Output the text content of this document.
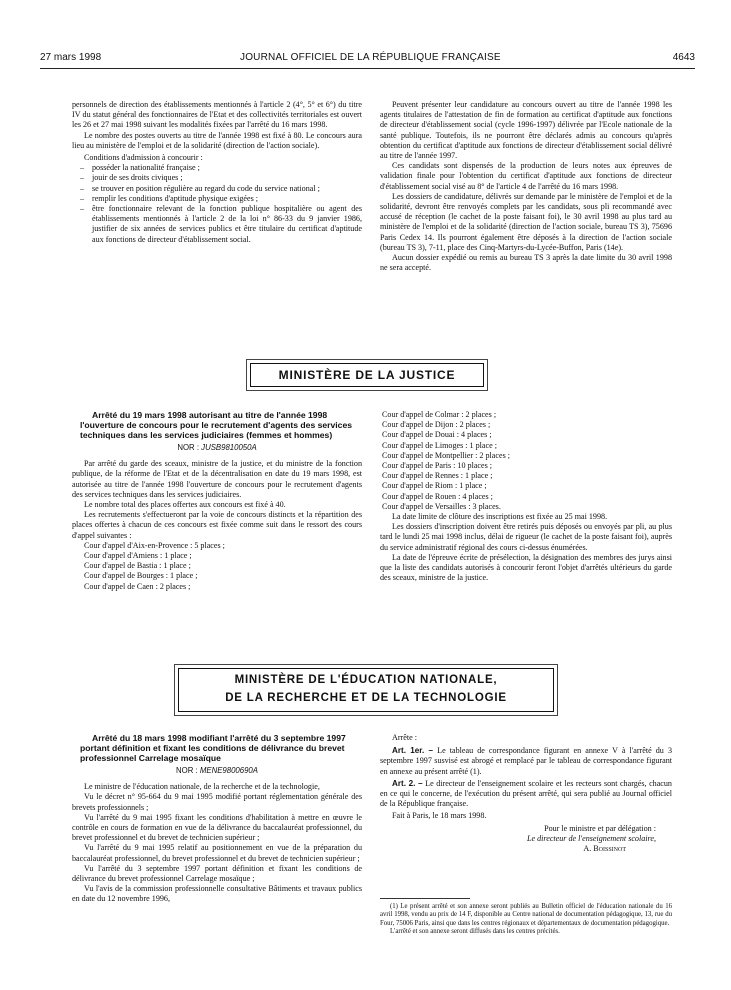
27 mars 1998	JOURNAL OFFICIEL DE LA RÉPUBLIQUE FRANÇAISE	4643

personnels de direction des établissements mentionnés à l'article 2 (4°, 5° et 6°) du titre IV du statut général des fonctionnaires de l'Etat et des collectivités territoriales est ouvert les 26 et 27 mai 1998 suivant les modalités fixées par l'arrêté du 16 mars 1998.

Le nombre des postes ouverts au titre de l'année 1998 est fixé à 80. Le concours aura lieu au ministère de l'emploi et de la solidarité (direction de l'action sociale).

Conditions d'admission à concourir :

– posséder la nationalité française ;
– jouir de ses droits civiques ;
– se trouver en position régulière au regard du code du service national ;
– remplir les conditions d'aptitude physique exigées ;
– être fonctionnaire relevant de la fonction publique hospitalière ou agent des établissements mentionnés à l'article 2 de la loi n° 86-33 du 9 janvier 1986, justifier de six années de services publics et être titulaire du certificat d'aptitude aux fonctions de directeur d'établissement social.

Peuvent présenter leur candidature au concours ouvert au titre de l'année 1998 les agents titulaires de l'attestation de fin de formation au certificat d'aptitude aux fonctions de directeur d'établissement social (cycle 1996-1997) délivrée par l'Ecole nationale de la santé publique. Toutefois, ils ne pourront être déclarés admis au concours qu'après obtention du certificat d'aptitude aux fonctions de directeur d'établissement social délivré au titre de l'année 1997.

Ces candidats sont dispensés de la production de leurs notes aux épreuves de validation finale pour l'obtention du certificat d'aptitude aux fonctions de directeur d'établissement social visé au 8° de l'article 4 de l'arrêté du 16 mars 1998.

Les dossiers de candidature, délivrés sur demande par le ministère de l'emploi et de la solidarité, devront être renvoyés complets par les candidats, sous pli recommandé avec accusé de réception (le cachet de la poste faisant foi), le 30 avril 1998 au plus tard au ministère de l'emploi et de la solidarité (direction de l'action sociale, bureau TS 3), 75696 Paris Cedex 14. Ils pourront également être déposés à la direction de l'action sociale (bureau TS 3), 7-11, place des Cinq-Martyrs-du-Lycée-Buffon, Paris (14e).

Aucun dossier expédié ou remis au bureau TS 3 après la date limite du 30 avril 1998 ne sera accepté.

MINISTÈRE DE LA JUSTICE

Arrêté du 19 mars 1998 autorisant au titre de l'année 1998 l'ouverture de concours pour le recrutement d'agents des services techniques dans les services judiciaires (femmes et hommes)

NOR : JUSB9810050A

Par arrêté du garde des sceaux, ministre de la justice, et du ministre de la fonction publique, de la réforme de l'Etat et de la décentralisation en date du 19 mars 1998, est autorisée au titre de l'année 1998 l'ouverture de concours pour le recrutement d'agents des services techniques dans les services judiciaires.

Le nombre total des places offertes aux concours est fixé à 40.

Les recrutements s'effectueront par la voie de concours distincts et la répartition des places offertes à chacun de ces concours est fixée comme suit dans le ressort des cours d'appel suivantes :

Cour d'appel d'Aix-en-Provence : 5 places ;
Cour d'appel d'Amiens : 1 place ;
Cour d'appel de Bastia : 1 place ;
Cour d'appel de Bourges : 1 place ;
Cour d'appel de Caen : 2 places ;
Cour d'appel de Colmar : 2 places ;
Cour d'appel de Dijon : 2 places ;
Cour d'appel de Douai : 4 places ;
Cour d'appel de Limoges : 1 place ;
Cour d'appel de Montpellier : 2 places ;
Cour d'appel de Paris : 10 places ;
Cour d'appel de Rennes : 1 place ;
Cour d'appel de Riom : 1 place ;
Cour d'appel de Rouen : 4 places ;
Cour d'appel de Versailles : 3 places.

La date limite de clôture des inscriptions est fixée au 25 mai 1998.

Les dossiers d'inscription doivent être retirés puis déposés ou envoyés par pli, au plus tard le lundi 25 mai 1998 inclus, délai de rigueur (le cachet de la poste faisant foi), auprès du service administratif régional des cours ci-dessus énumérées.

La date de l'épreuve écrite de présélection, la désignation des membres des jurys ainsi que la liste des candidats autorisés à concourir feront l'objet d'arrêtés ultérieurs du garde des sceaux, ministre de la justice.

MINISTÈRE DE L'ÉDUCATION NATIONALE,
DE LA RECHERCHE ET DE LA TECHNOLOGIE

Arrêté du 18 mars 1998 modifiant l'arrêté du 3 septembre 1997 portant définition et fixant les conditions de délivrance du brevet professionnel Carrelage mosaïque

NOR : MENE9800690A

Le ministre de l'éducation nationale, de la recherche et de la technologie,

Vu le décret n° 95-664 du 9 mai 1995 modifié portant réglementation générale des brevets professionnels ;

Vu l'arrêté du 9 mai 1995 fixant les conditions d'habilitation à mettre en œuvre le contrôle en cours de formation en vue de la délivrance du baccalauréat professionnel, du brevet professionnel et du brevet de technicien supérieur ;

Vu l'arrêté du 9 mai 1995 relatif au positionnement en vue de la préparation du baccalauréat professionnel, du brevet professionnel et du brevet de technicien supérieur ;

Vu l'arrêté du 3 septembre 1997 portant définition et fixant les conditions de délivrance du brevet professionnel Carrelage mosaïque ;

Vu l'avis de la commission professionnelle consultative Bâtiments et travaux publics en date du 12 novembre 1996,

Arrête :

Art. 1er. – Le tableau de correspondance figurant en annexe V à l'arrêté du 3 septembre 1997 susvisé est abrogé et remplacé par le tableau de correspondance figurant en annexe au présent arrêté (1).

Art. 2. – Le directeur de l'enseignement scolaire et les recteurs sont chargés, chacun en ce qui le concerne, de l'exécution du présent arrêté, qui sera publié au Journal officiel de la République française.

Fait à Paris, le 18 mars 1998.

Pour le ministre et par délégation :
Le directeur de l'enseignement scolaire,
A. Boissinot

(1) Le présent arrêté et son annexe seront publiés au Bulletin officiel de l'éducation nationale du 16 avril 1998, vendu au prix de 14 F, disponible au Centre national de documentation pédagogique, 13, rue du Four, 75006 Paris, ainsi que dans les centres régionaux et départementaux de documentation pédagogique.

L'arrêté et son annexe seront diffusés dans les centres précités.
